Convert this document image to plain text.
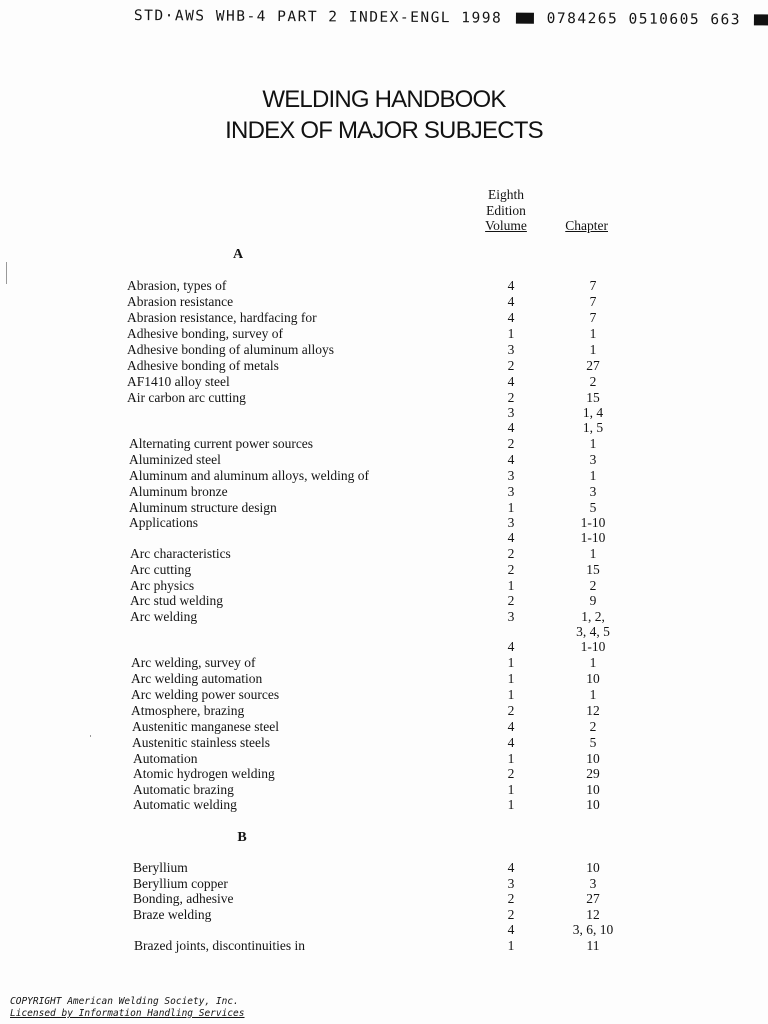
STD·AWS WHB-4 PART 2 INDEX-ENGL 1998	0784265 0510605 663
WELDING HANDBOOK
INDEX OF MAJOR SUBJECTS
Eighth
Edition
Volume	Chapter
A
Abrasion, types of	4	7
Abrasion resistance	4	7
Abrasion resistance, hardfacing for	4	7
Adhesive bonding, survey of	1	1
Adhesive bonding of aluminum alloys	3	1
Adhesive bonding of metals	2	27
AF1410 alloy steel	4	2
Air carbon arc cutting	2	15
3	1, 4
4	1, 5
Alternating current power sources	2	1
Aluminized steel	4	3
Aluminum and aluminum alloys, welding of	3	1
Aluminum bronze	3	3
Aluminum structure design	1	5
Applications	3	1-10
4	1-10
Arc characteristics	2	1
Arc cutting	2	15
Arc physics	1	2
Arc stud welding	2	9
Arc welding	3	1, 2,
3, 4, 5
4	1-10
Arc welding, survey of	1	1
Arc welding automation	1	10
Arc welding power sources	1	1
Atmosphere, brazing	2	12
Austenitic manganese steel	4	2
Austenitic stainless steels	4	5
Automation	1	10
Atomic hydrogen welding	2	29
Automatic brazing	1	10
Automatic welding	1	10
B
Beryllium	4	10
Beryllium copper	3	3
Bonding, adhesive	2	27
Braze welding	2	12
4	3, 6, 10
Brazed joints, discontinuities in	1	11
COPYRIGHT American Welding Society, Inc.
Licensed by Information Handling Services
